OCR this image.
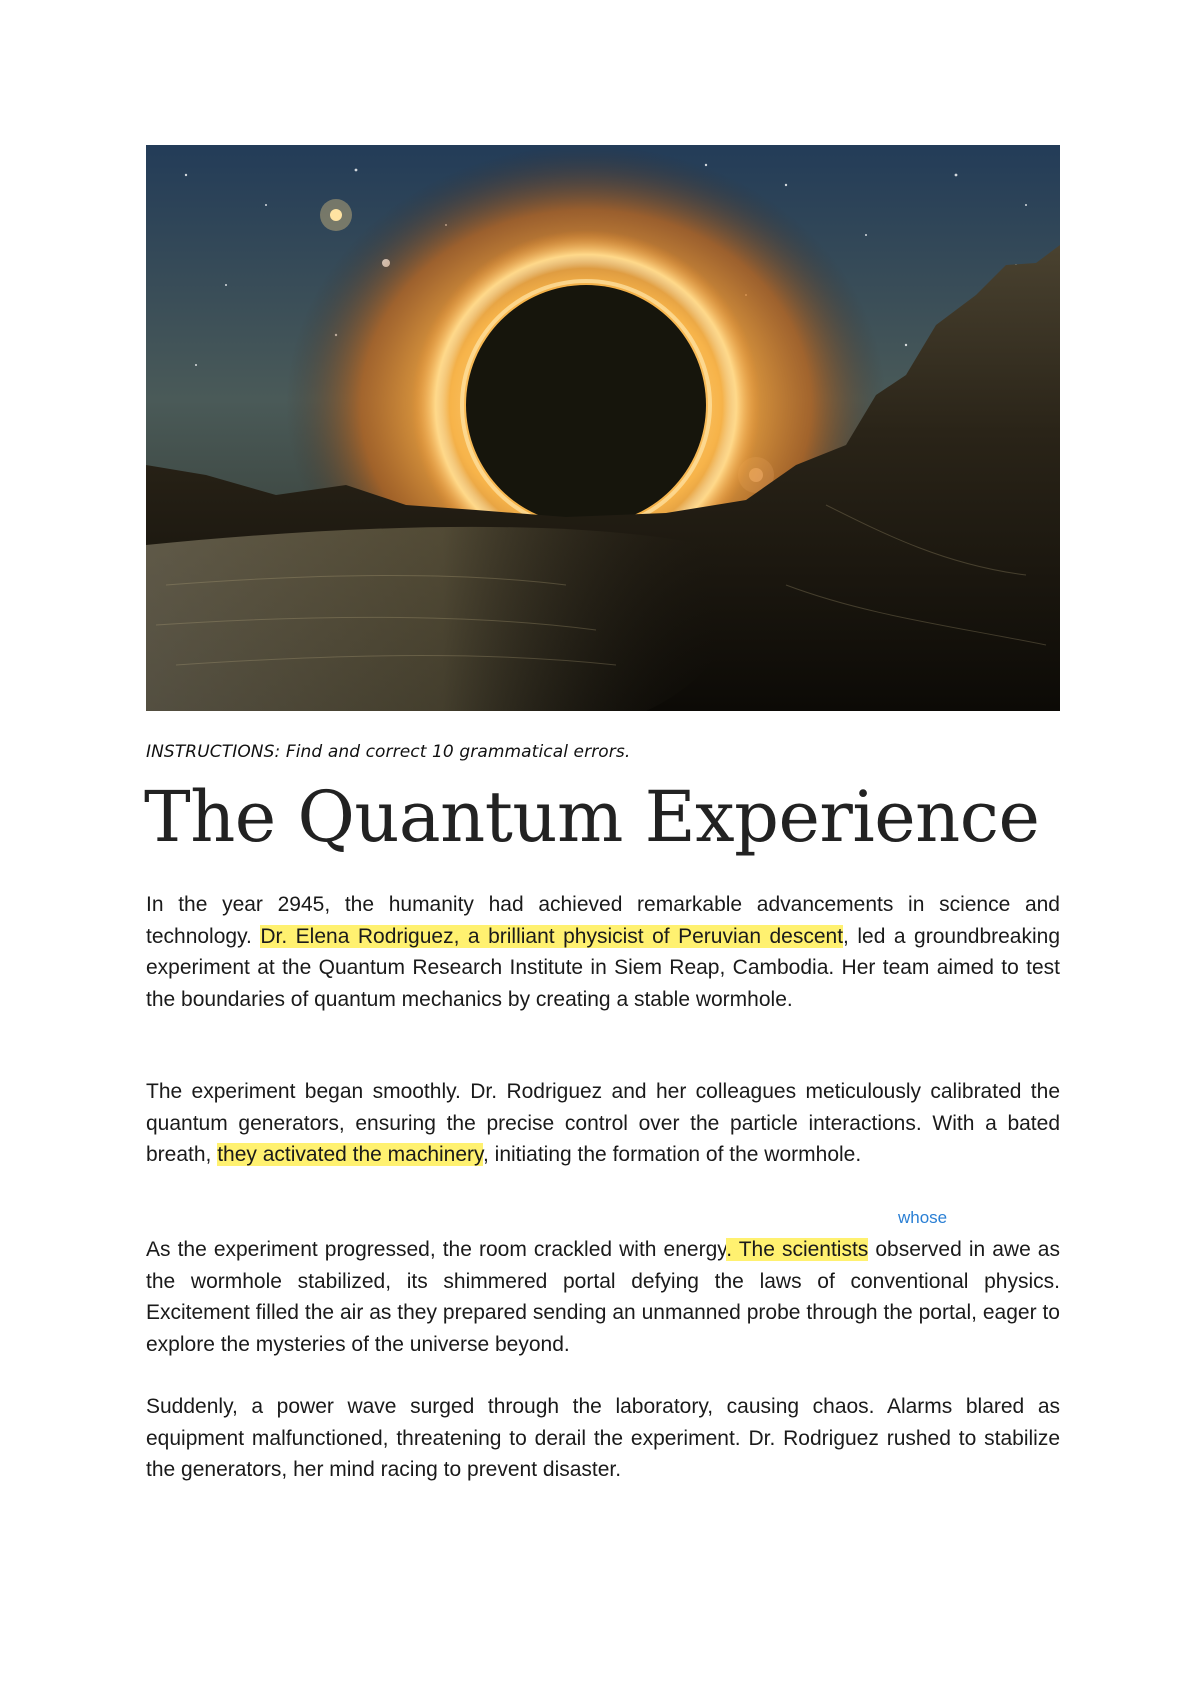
INSTRUCTIONS: Find and correct 10 grammatical errors.
The Quantum Experience

In the year 2945, the humanity had achieved remarkable advancements in science and technology. Dr. Elena Rodriguez, a brilliant physicist of Peruvian descent, led a groundbreaking experiment at the Quantum Research Institute in Siem Reap, Cambodia. Her team aimed to test the boundaries of quantum mechanics by creating a stable wormhole.

The experiment began smoothly. Dr. Rodriguez and her colleagues meticulously calibrated the quantum generators, ensuring the precise control over the particle interactions. With a bated breath, they activated the machinery, initiating the formation of the wormhole.

whose

As the experiment progressed, the room crackled with energy. The scientists observed in awe as the wormhole stabilized, its shimmered portal defying the laws of conventional physics. Excitement filled the air as they prepared sending an unmanned probe through the portal, eager to explore the mysteries of the universe beyond.

Suddenly, a power wave surged through the laboratory, causing chaos. Alarms blared as equipment malfunctioned, threatening to derail the experiment. Dr. Rodriguez rushed to stabilize the generators, her mind racing to prevent disaster.
